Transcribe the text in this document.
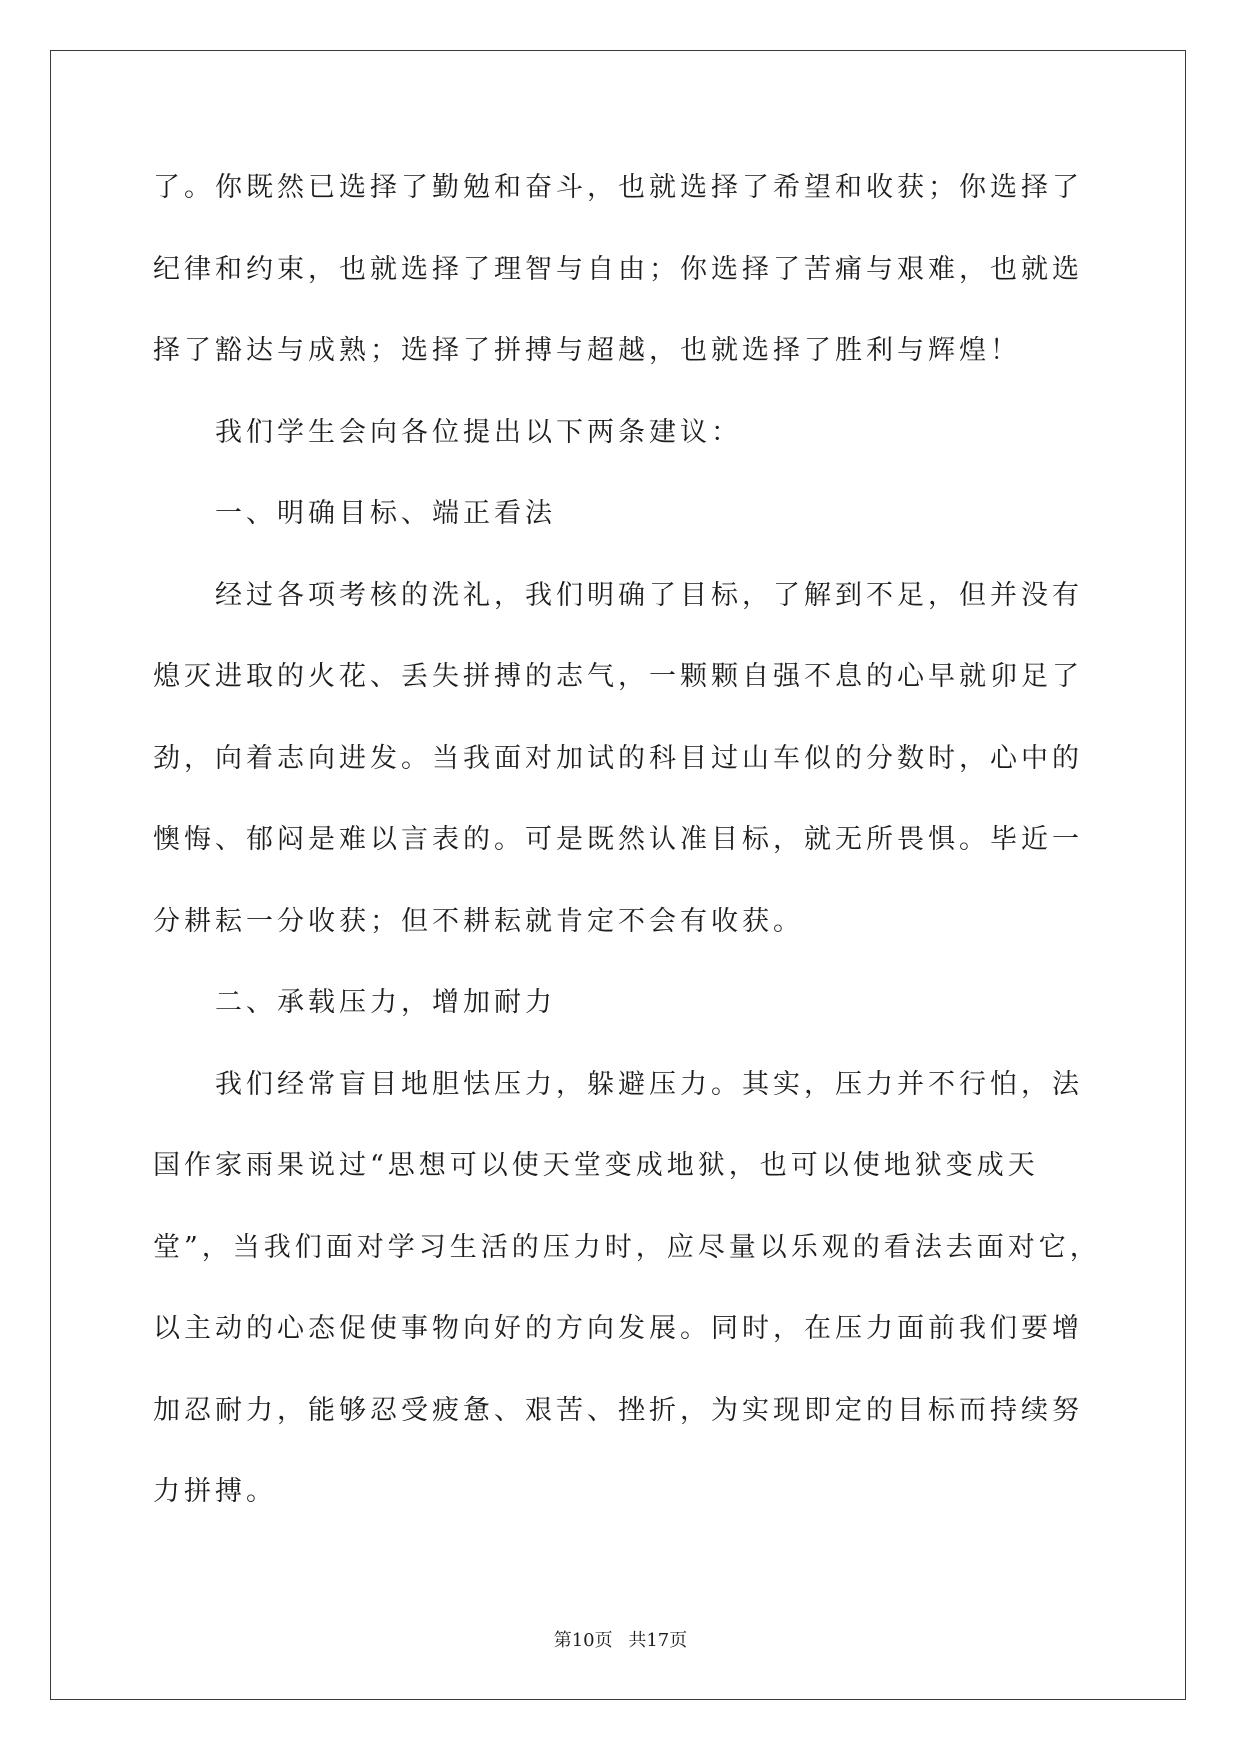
了。你既然已选择了勤勉和奋斗，也就选择了希望和收获；你选择了
纪律和约束，也就选择了理智与自由；你选择了苦痛与艰难，也就选
择了豁达与成熟；选择了拼搏与超越，也就选择了胜利与辉煌！
我们学生会向各位提出以下两条建议：
一、明确目标、端正看法
经过各项考核的洗礼，我们明确了目标，了解到不足，但并没有
熄灭进取的火花、丢失拼搏的志气，一颗颗自强不息的心早就卯足了
劲，向着志向进发。当我面对加试的科目过山车似的分数时，心中的
懊悔、郁闷是难以言表的。可是既然认准目标，就无所畏惧。毕近一
分耕耘一分收获；但不耕耘就肯定不会有收获。
二、承载压力，增加耐力
我们经常盲目地胆怯压力，躲避压力。其实，压力并不行怕，法
国作家雨果说过“思想可以使天堂变成地狱，也可以使地狱变成天
堂”，当我们面对学习生活的压力时，应尽量以乐观的看法去面对它，
以主动的心态促使事物向好的方向发展。同时，在压力面前我们要增
加忍耐力，能够忍受疲惫、艰苦、挫折，为实现即定的目标而持续努
力拼搏。
第10页 共17页
